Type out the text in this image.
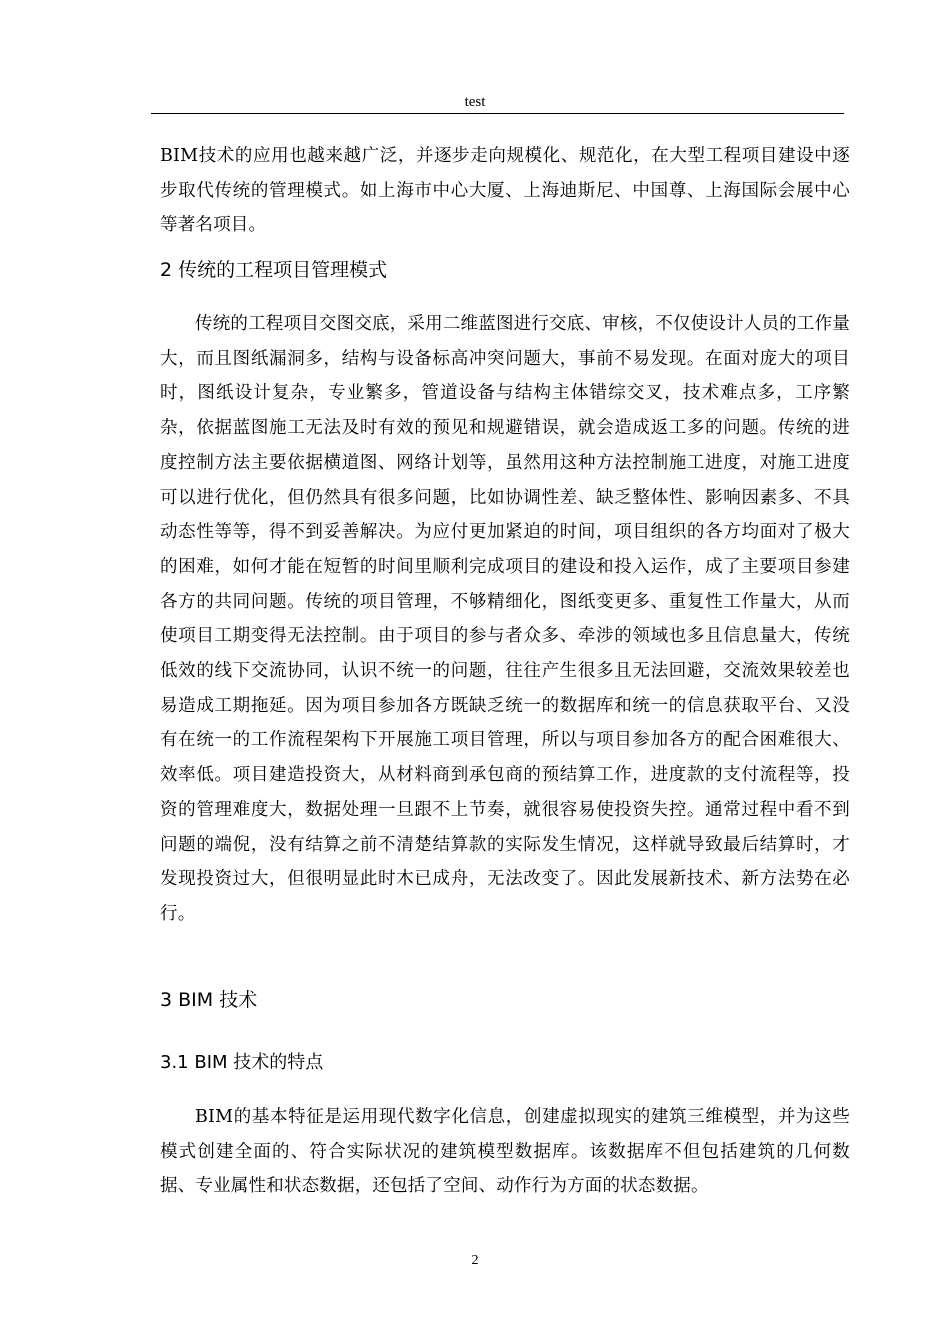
test

BIM技术的应用也越来越广泛，并逐步走向规模化、规范化，在大型工程项目建设中逐步取代传统的管理模式。如上海市中心大厦、上海迪斯尼、中国尊、上海国际会展中心等著名项目。

2 传统的工程项目管理模式

传统的工程项目交图交底，采用二维蓝图进行交底、审核，不仅使设计人员的工作量大，而且图纸漏洞多，结构与设备标高冲突问题大，事前不易发现。在面对庞大的项目时，图纸设计复杂，专业繁多，管道设备与结构主体错综交叉，技术难点多，工序繁杂，依据蓝图施工无法及时有效的预见和规避错误，就会造成返工多的问题。传统的进度控制方法主要依据横道图、网络计划等，虽然用这种方法控制施工进度，对施工进度可以进行优化，但仍然具有很多问题，比如协调性差、缺乏整体性、影响因素多、不具动态性等等，得不到妥善解决。为应付更加紧迫的时间，项目组织的各方均面对了极大的困难，如何才能在短暂的时间里顺利完成项目的建设和投入运作，成了主要项目参建各方的共同问题。传统的项目管理，不够精细化，图纸变更多、重复性工作量大，从而使项目工期变得无法控制。由于项目的参与者众多、牵涉的领域也多且信息量大，传统低效的线下交流协同，认识不统一的问题，往往产生很多且无法回避，交流效果较差也易造成工期拖延。因为项目参加各方既缺乏统一的数据库和统一的信息获取平台、又没有在统一的工作流程架构下开展施工项目管理，所以与项目参加各方的配合困难很大、效率低。项目建造投资大，从材料商到承包商的预结算工作，进度款的支付流程等，投资的管理难度大，数据处理一旦跟不上节奏，就很容易使投资失控。通常过程中看不到问题的端倪，没有结算之前不清楚结算款的实际发生情况，这样就导致最后结算时，才发现投资过大，但很明显此时木已成舟，无法改变了。因此发展新技术、新方法势在必行。

3 BIM 技术
3.1 BIM 技术的特点

BIM的基本特征是运用现代数字化信息，创建虚拟现实的建筑三维模型，并为这些模式创建全面的、符合实际状况的建筑模型数据库。该数据库不但包括建筑的几何数据、专业属性和状态数据，还包括了空间、动作行为方面的状态数据。

2
